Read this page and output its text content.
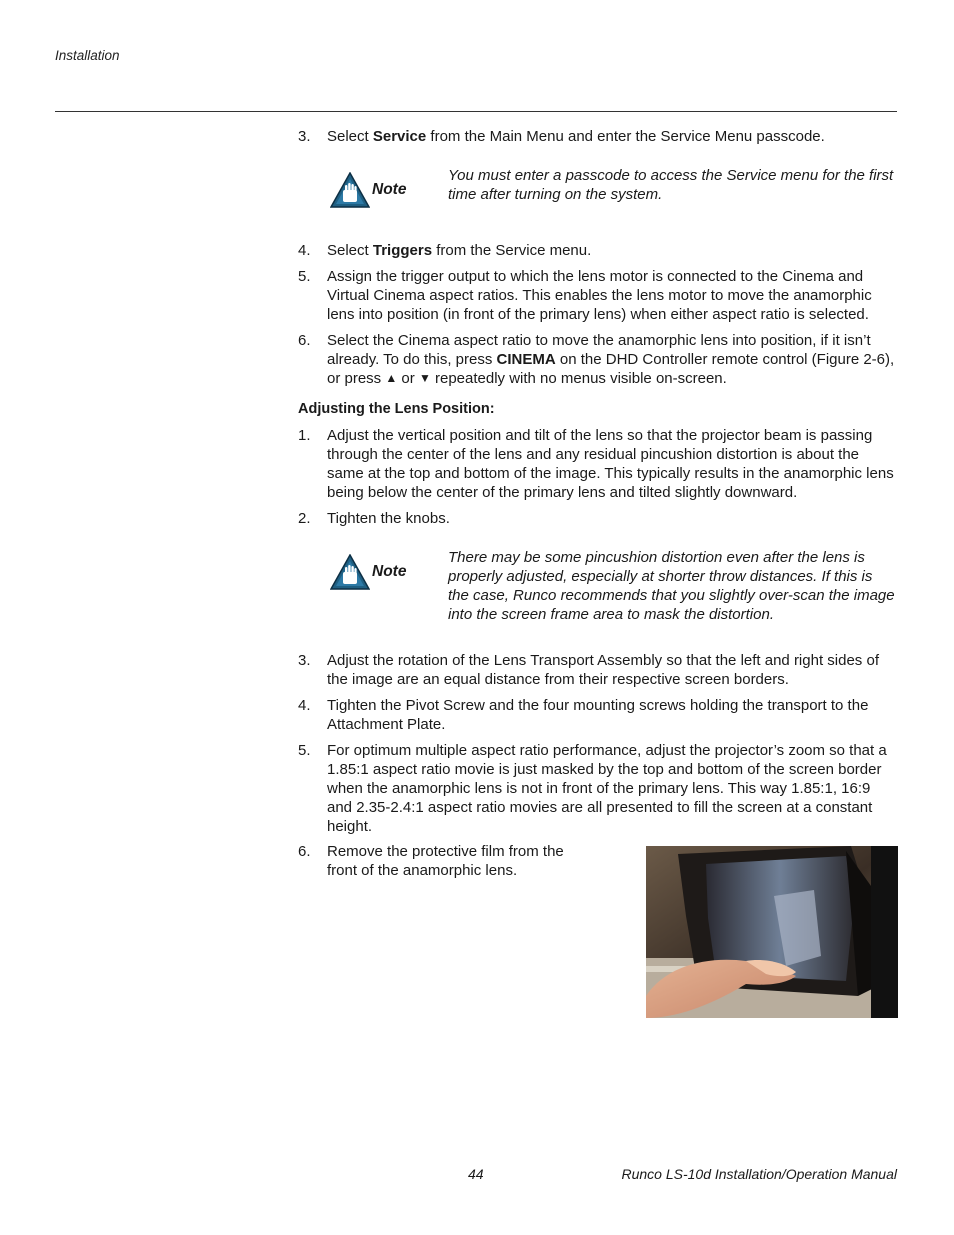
Installation
3.	Select Service from the Main Menu and enter the Service Menu passcode.
Note
You must enter a passcode to access the Service menu for the first time after turning on the system.
4.	Select Triggers from the Service menu.
5.	Assign the trigger output to which the lens motor is connected to the Cinema and Virtual Cinema aspect ratios. This enables the lens motor to move the anamorphic lens into position (in front of the primary lens) when either aspect ratio is selected.
6.	Select the Cinema aspect ratio to move the anamorphic lens into position, if it isn’t already. To do this, press CINEMA on the DHD Controller remote control (Figure 2-6), or press ▲ or ▼ repeatedly with no menus visible on-screen.
Adjusting the Lens Position:
1.	Adjust the vertical position and tilt of the lens so that the projector beam is passing through the center of the lens and any residual pincushion distortion is about the same at the top and bottom of the image. This typically results in the anamorphic lens being below the center of the primary lens and tilted slightly downward.
2.	Tighten the knobs.
Note
There may be some pincushion distortion even after the lens is properly adjusted, especially at shorter throw distances. If this is the case, Runco recommends that you slightly over-scan the image into the screen frame area to mask the distortion.
3.	Adjust the rotation of the Lens Transport Assembly so that the left and right sides of the image are an equal distance from their respective screen borders.
4.	Tighten the Pivot Screw and the four mounting screws holding the transport to the Attachment Plate.
5.	For optimum multiple aspect ratio performance, adjust the projector’s zoom so that a 1.85:1 aspect ratio movie is just masked by the top and bottom of the screen border when the anamorphic lens is not in front of the primary lens. This way 1.85:1, 16:9 and 2.35-2.4:1 aspect ratio movies are all presented to fill the screen at a constant height.
6.	Remove the protective film from the front of the anamorphic lens.
44	Runco LS-10d Installation/Operation Manual
